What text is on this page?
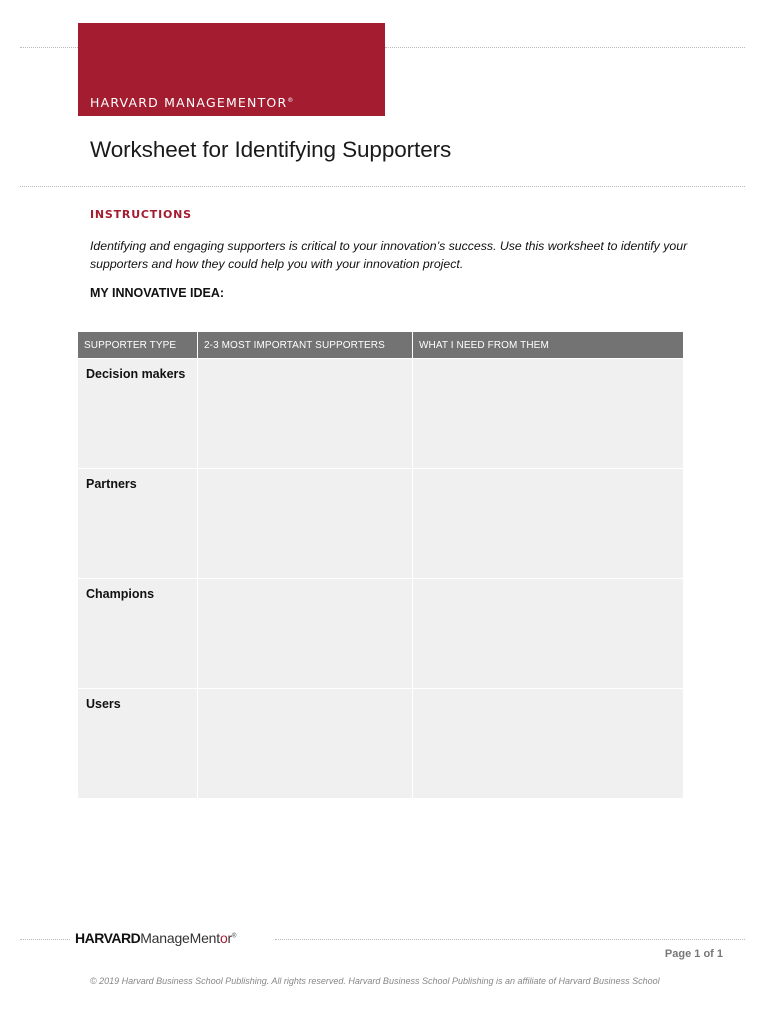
HARVARD MANAGEMENTOR®
Worksheet for Identifying Supporters
INSTRUCTIONS
Identifying and engaging supporters is critical to your innovation’s success. Use this worksheet to identify your supporters and how they could help you with your innovation project.
MY INNOVATIVE IDEA:
SUPPORTER TYPE	2-3 MOST IMPORTANT SUPPORTERS	WHAT I NEED FROM THEM
Decision makers		
Partners		
Champions		
Users		
HARVARDManageMentor®
Page 1 of 1
© 2019 Harvard Business School Publishing. All rights reserved. Harvard Business School Publishing is an affiliate of Harvard Business School
